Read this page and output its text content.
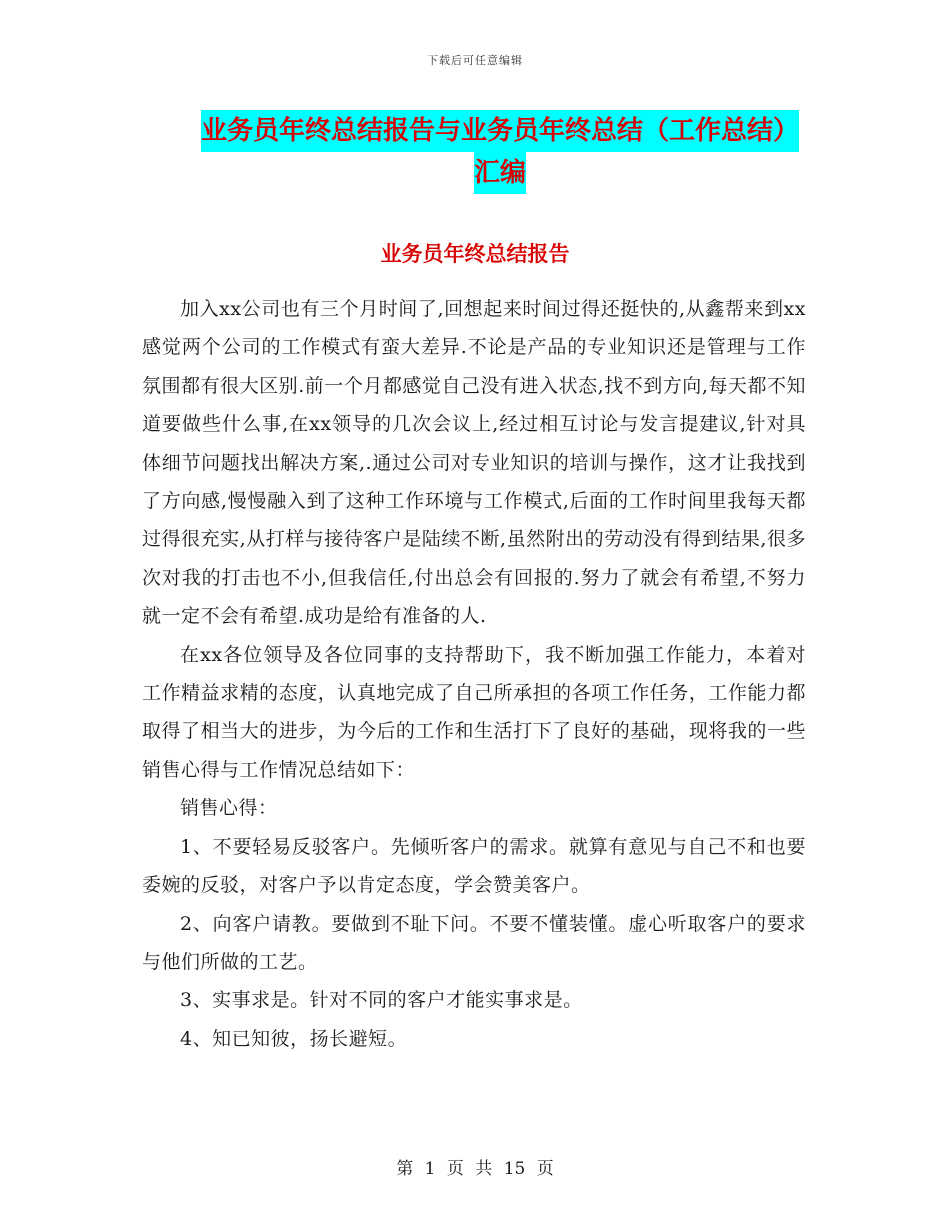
下载后可任意编辑
业务员年终总结报告与业务员年终总结（工作总结）
汇编
业务员年终总结报告

加入xx公司也有三个月时间了,回想起来时间过得还挺快的,从鑫帮来到xx感觉两个公司的工作模式有蛮大差异.不论是产品的专业知识还是管理与工作氛围都有很大区别.前一个月都感觉自己没有进入状态,找不到方向,每天都不知道要做些什么事,在xx领导的几次会议上,经过相互讨论与发言提建议,针对具体细节问题找出解决方案,.通过公司对专业知识的培训与操作，这才让我找到了方向感,慢慢融入到了这种工作环境与工作模式,后面的工作时间里我每天都过得很充实,从打样与接待客户是陆续不断,虽然附出的劳动没有得到结果,很多次对我的打击也不小,但我信任,付出总会有回报的.努力了就会有希望,不努力就一定不会有希望.成功是给有准备的人.

在xx各位领导及各位同事的支持帮助下，我不断加强工作能力，本着对工作精益求精的态度，认真地完成了自己所承担的各项工作任务，工作能力都取得了相当大的进步，为今后的工作和生活打下了良好的基础，现将我的一些销售心得与工作情况总结如下：

销售心得：

1、不要轻易反驳客户。先倾听客户的需求。就算有意见与自己不和也要委婉的反驳，对客户予以肯定态度，学会赞美客户。

2、向客户请教。要做到不耻下问。不要不懂装懂。虚心听取客户的要求与他们所做的工艺。

3、实事求是。针对不同的客户才能实事求是。

4、知已知彼，扬长避短。

第 1 页 共 15 页
